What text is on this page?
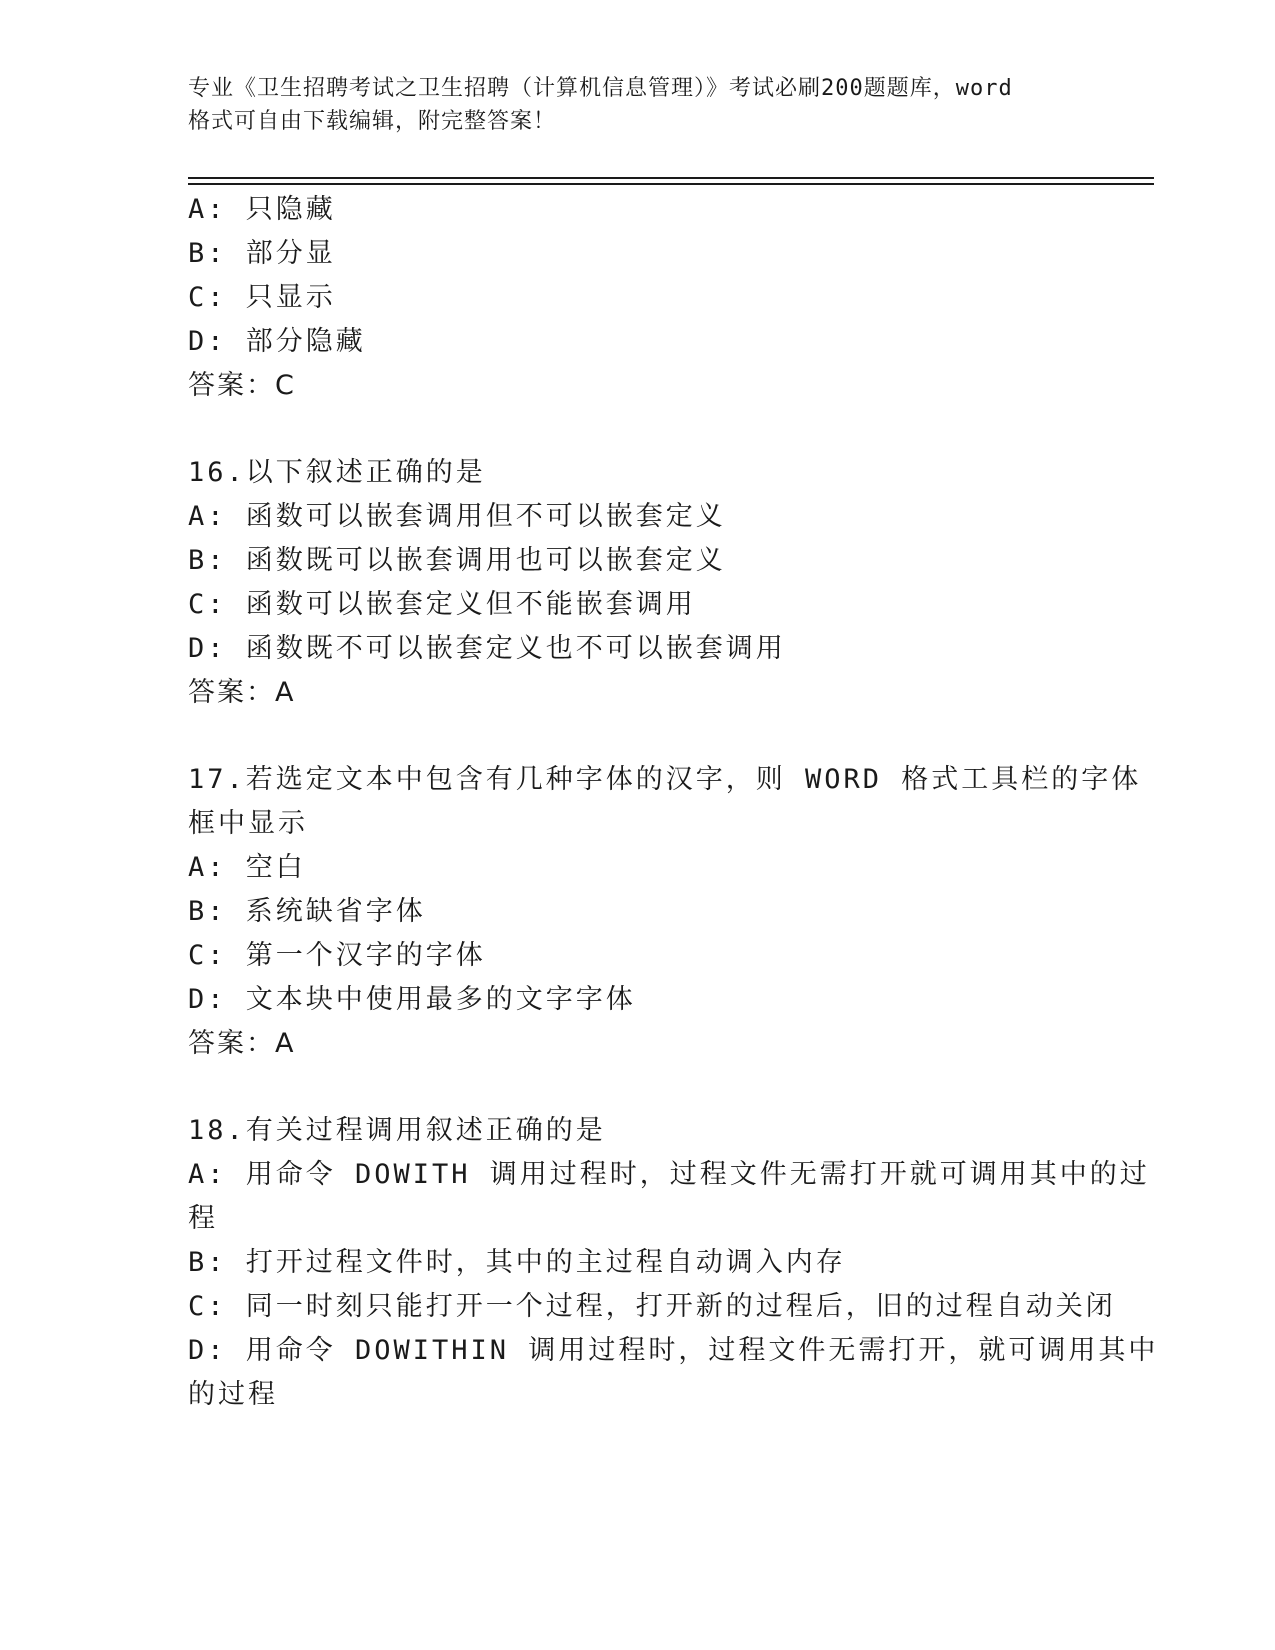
专业《卫生招聘考试之卫生招聘（计算机信息管理）》考试必刷200题题库，word
格式可自由下载编辑，附完整答案！
A: 只隐藏
B: 部分显
C: 只显示
D: 部分隐藏
答案：C
16.以下叙述正确的是
A: 函数可以嵌套调用但不可以嵌套定义
B: 函数既可以嵌套调用也可以嵌套定义
C: 函数可以嵌套定义但不能嵌套调用
D: 函数既不可以嵌套定义也不可以嵌套调用
答案：A
17.若选定文本中包含有几种字体的汉字，则 WORD 格式工具栏的字体
框中显示
A: 空白
B: 系统缺省字体
C: 第一个汉字的字体
D: 文本块中使用最多的文字字体
答案：A
18.有关过程调用叙述正确的是
A: 用命令 DOWITH 调用过程时，过程文件无需打开就可调用其中的过
程
B: 打开过程文件时，其中的主过程自动调入内存
C: 同一时刻只能打开一个过程，打开新的过程后，旧的过程自动关闭
D: 用命令 DOWITHIN 调用过程时，过程文件无需打开，就可调用其中
的过程
